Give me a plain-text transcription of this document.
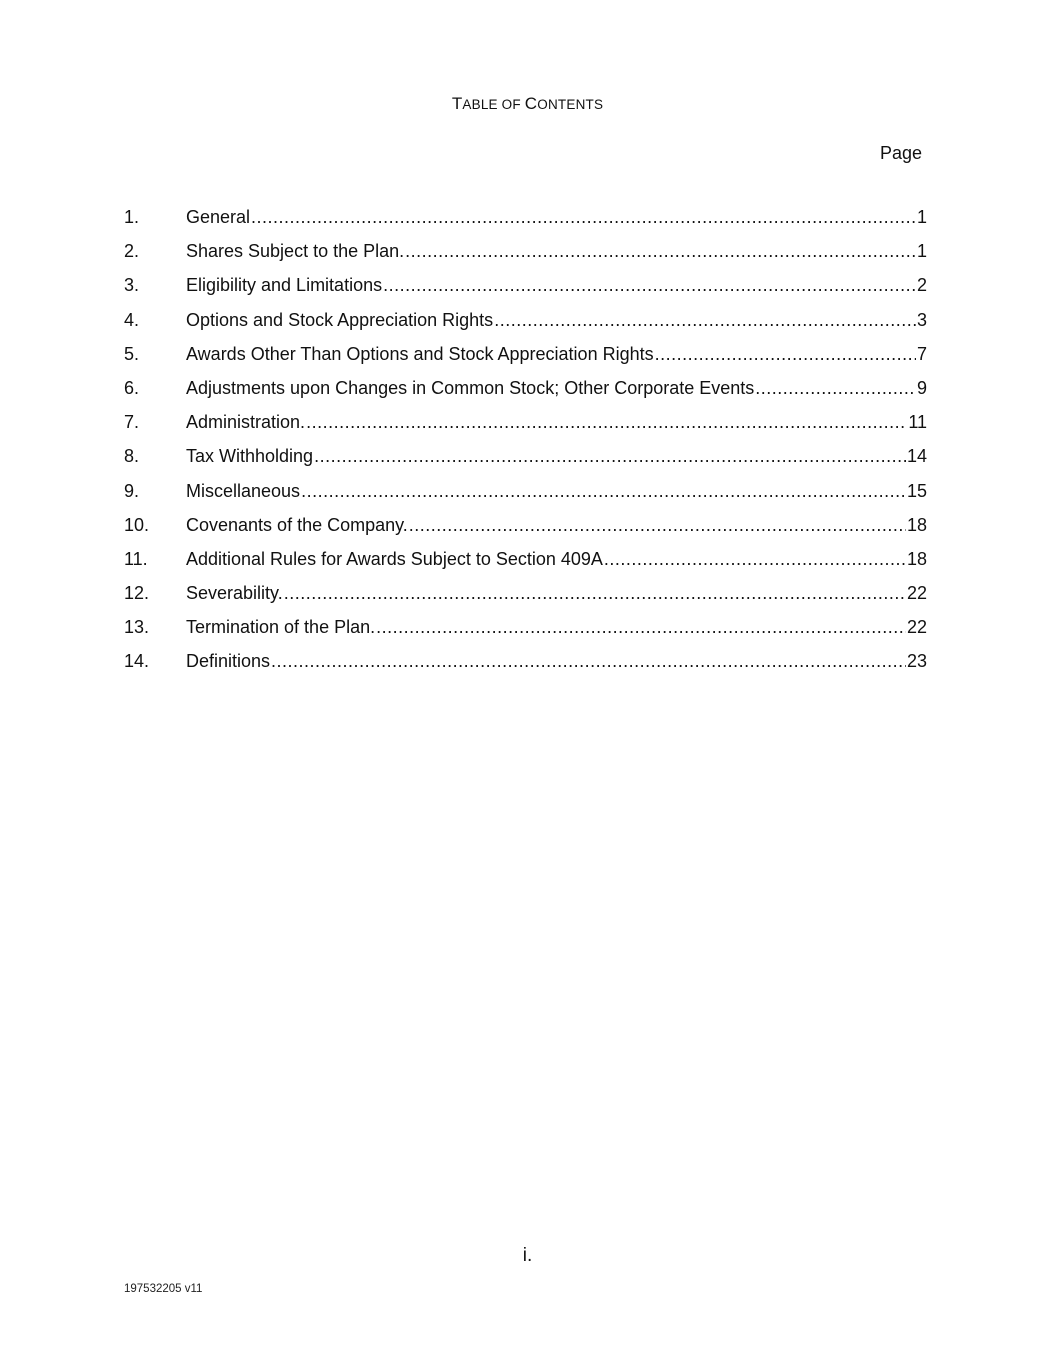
TABLE OF CONTENTS
Page
1.	General .....	1
2.	Shares Subject to the Plan. .....	1
3.	Eligibility and Limitations .....	2
4.	Options and Stock Appreciation Rights .....	3
5.	Awards Other Than Options and Stock Appreciation Rights .....	7
6.	Adjustments upon Changes in Common Stock; Other Corporate Events .....	9
7.	Administration. .....	11
8.	Tax Withholding .....	14
9.	Miscellaneous .....	15
10.	Covenants of the Company. .....	18
11.	Additional Rules for Awards Subject to Section 409A .....	18
12.	Severability. .....	22
13.	Termination of the Plan. .....	22
14.	Definitions .....	23
i.
197532205 v11
